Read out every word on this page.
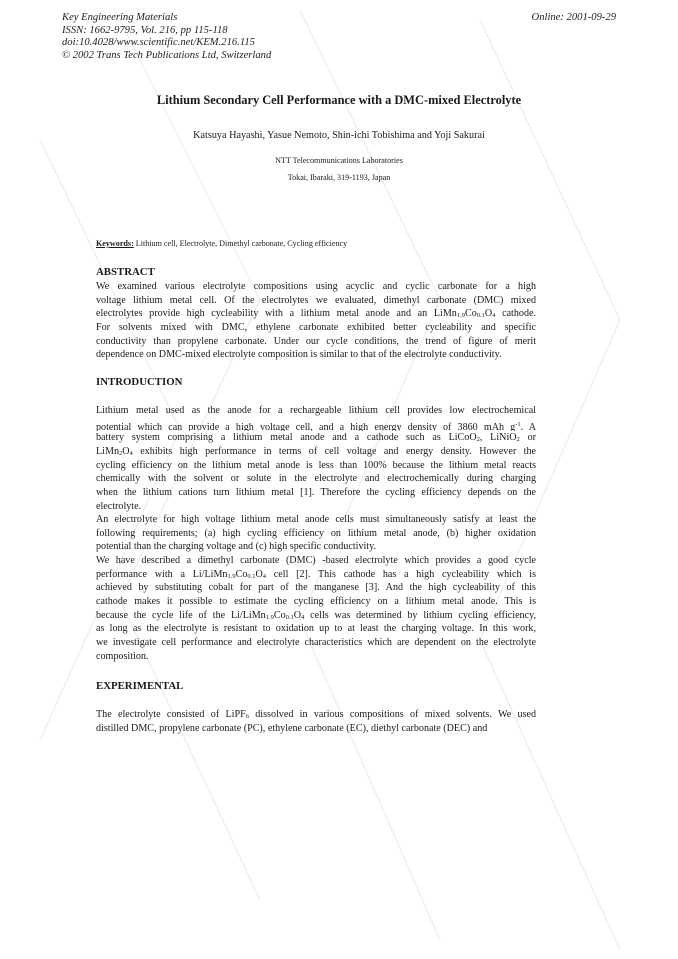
Key Engineering Materials
ISSN: 1662-9795, Vol. 216, pp 115-118
doi:10.4028/www.scientific.net/KEM.216.115
© 2002 Trans Tech Publications Ltd, Switzerland
Online: 2001-09-29
Lithium Secondary Cell Performance with a DMC-mixed Electrolyte
Katsuya Hayashi, Yasue Nemoto, Shin-ichi Tobishima and Yoji Sakurai
NTT Telecommunications Laboratories
Tokai, Ibaraki, 319-1193, Japan
Keywords: Lithium cell, Electrolyte, Dimethyl carbonate, Cycling efficiency
ABSTRACT
We examined various electrolyte compositions using acyclic and cyclic carbonate for a high
voltage lithium metal cell. Of the electrolytes we evaluated, dimethyl carbonate (DMC) mixed
electrolytes provide high cycleability with a lithium metal anode and an $LiMn_{1.9}Co_{0.1}O_4$ cathode.
For solvents mixed with DMC, ethylene carbonate exhibited better cycleability and specific
conductivity than propylene carbonate. Under our cycle conditions, the trend of figure of merit
dependence on DMC-mixed electrolyte composition is similar to that of the electrolyte conductivity.
INTRODUCTION
Lithium metal used as the anode for a rechargeable lithium cell provides low electrochemical
potential which can provide a high voltage cell, and a high energy density of 3860 mAh $g^{-1}$. A
battery system comprising a lithium metal anode and a cathode such as LiCoO$_2$, LiNiO$_2$ or
$LiMn_2O_4$ exhibits high performance in terms of cell voltage and energy density. However the
cycling efficiency on the lithium metal anode is less than 100% because the lithium metal reacts
chemically with the solvent or solute in the electrolyte and electrochemically during charging
when the lithium cations turn lithium metal [1]. Therefore the cycling efficiency depends on the
electrolyte.
An electrolyte for high voltage lithium metal anode cells must simultaneously satisfy at least the
following requirements; (a) high cycling efficiency on lithium metal anode, (b) higher oxidation
potential than the charging voltage and (c) high specific conductivity.
We have described a dimethyl carbonate (DMC) -based electrolyte which provides a good cycle
performance with a $Li/LiMn_{1.9}Co_{0.1}O_4$ cell [2]. This cathode has a high cycleability which is
achieved by substituting cobalt for part of the manganese [3]. And the high cycleability of this
cathode makes it possible to estimate the cycling efficiency on a lithium metal anode. This is
because the cycle life of the $Li/LiMn_{1.9}Co_{0.1}O_4$ cells was determined by lithium cycling efficiency,
as long as the electrolyte is resistant to oxidation up to at least the charging voltage. In this work,
we investigate cell performance and electrolyte characteristics which are dependent on the electrolyte
composition.
EXPERIMENTAL
The electrolyte consisted of LiPF$_6$ dissolved in various compositions of mixed solvents. We used
distilled DMC, propylene carbonate (PC), ethylene carbonate (EC), diethyl carbonate (DEC) and
